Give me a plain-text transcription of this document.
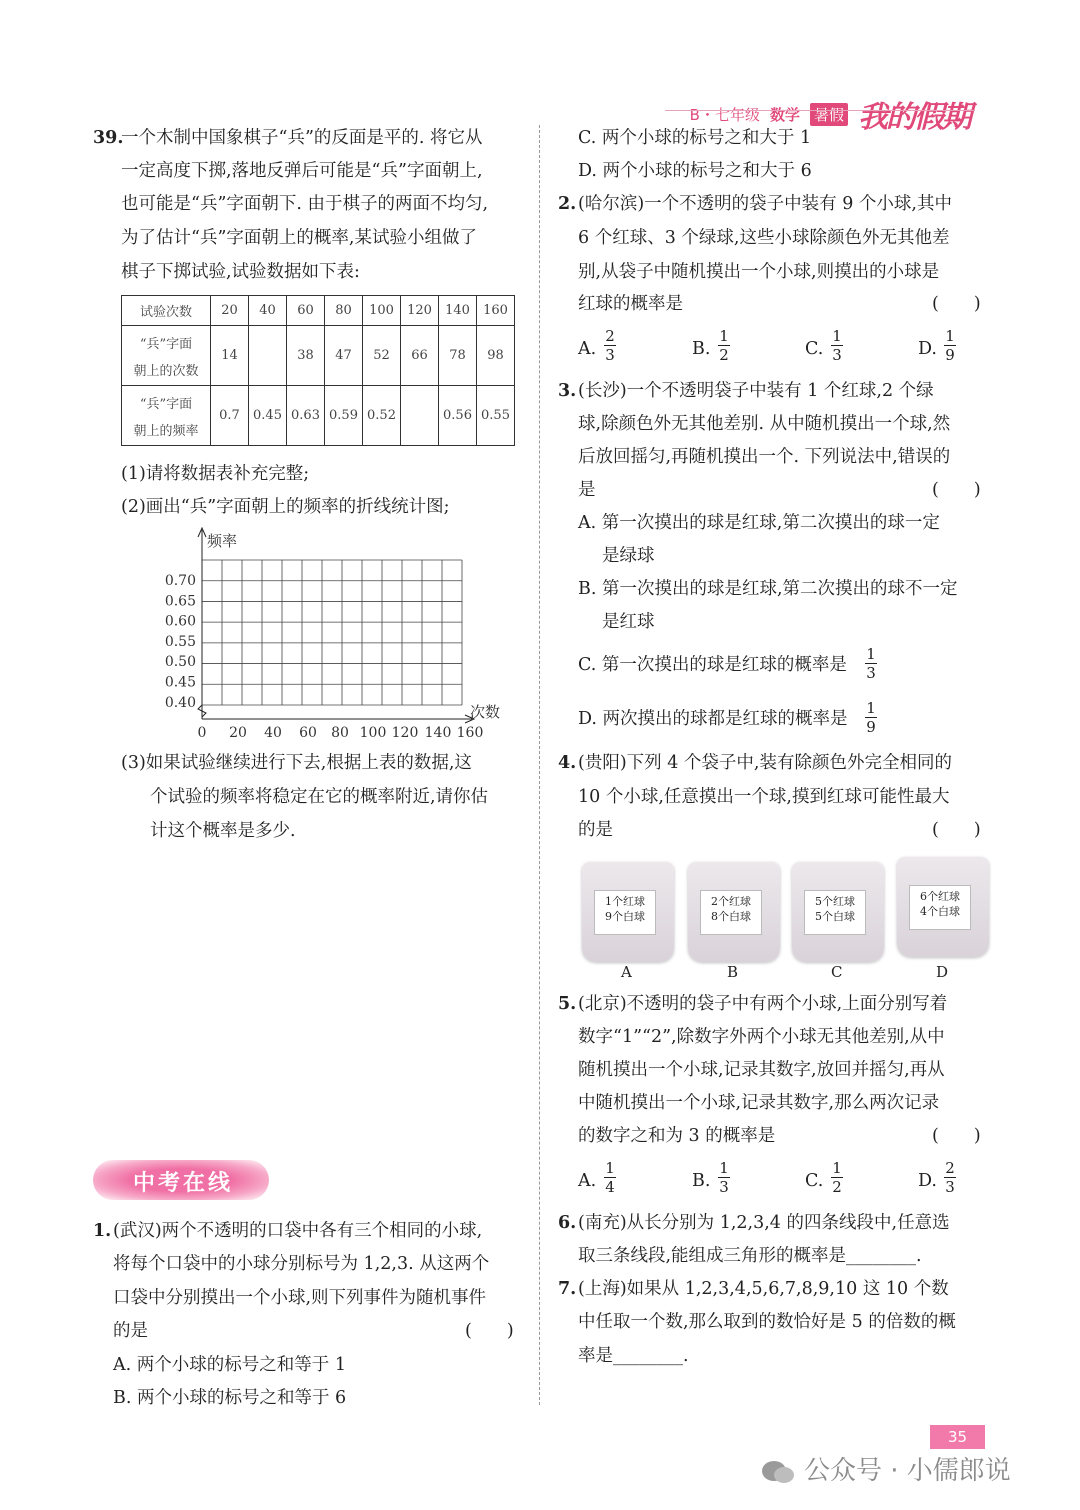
B・七年级 数学 暑假 我的假期
39.
一个木制中国象棋子“兵”的反面是平的. 将它从
一定高度下掷,落地反弹后可能是“兵”字面朝上,
也可能是“兵”字面朝下. 由于棋子的两面不均匀,
为了估计“兵”字面朝上的概率,某试验小组做了
棋子下掷试验,试验数据如下表:
试验次数	20	40	60	80	100	120	140	160

“兵”字面
朝上的次数	14		38	47	52	66	78	98

“兵”字面
朝上的频率	0.7	0.45	0.63	0.59	0.52		0.56	0.55
(1)请将数据表补充完整;
(2)画出“兵”字面朝上的频率的折线统计图;
频率
次数
0.70
0.65
0.60
0.55
0.50
0.45
0.40
0 20 40 60 80 100 120 140 160
(3)如果试验继续进行下去,根据上表的数据,这
个试验的频率将稳定在它的概率附近,请你估
计这个概率是多少.
中考在线
1. (武汉)两个不透明的口袋中各有三个相同的小球,
将每个口袋中的小球分别标号为 1,2,3. 从这两个
口袋中分别摸出一个小球,则下列事件为随机事件
的是	(　　)
A. 两个小球的标号之和等于 1
B. 两个小球的标号之和等于 6
C. 两个小球的标号之和大于 1
D. 两个小球的标号之和大于 6
2. (哈尔滨)一个不透明的袋子中装有 9 个小球,其中
6 个红球、3 个绿球,这些小球除颜色外无其他差
别,从袋子中随机摸出一个小球,则摸出的小球是
红球的概率是	(　　)
A.
2
3	B.
1
2	C.
1
3	D.
1
9
3. (长沙)一个不透明袋子中装有 1 个红球,2 个绿
球,除颜色外无其他差别. 从中随机摸出一个球,然
后放回摇匀,再随机摸出一个. 下列说法中,错误的
是	(　　)
A. 第一次摸出的球是红球,第二次摸出的球一定
是绿球
B. 第一次摸出的球是红球,第二次摸出的球不一定
是红球
C. 第一次摸出的球是红球的概率是
1
3
D. 两次摸出的球都是红球的概率是
1
9
4. (贵阳)下列 4 个袋子中,装有除颜色外完全相同的
10 个小球,任意摸出一个球,摸到红球可能性最大
的是	(　　)
1个红球
9个白球
A
2个红球
8个白球
B
5个红球
5个白球
C
6个红球
4个白球
D
5. (北京)不透明的袋子中有两个小球,上面分别写着
数字“1”“2”,除数字外两个小球无其他差别,从中
随机摸出一个小球,记录其数字,放回并摇匀,再从
中随机摸出一个小球,记录其数字,那么两次记录
的数字之和为 3 的概率是	(　　)
A.
1
4	B.
1
3	C.
1
2	D.
2
3
6. (南充)从长分别为 1,2,3,4 的四条线段中,任意选
取三条线段,能组成三角形的概率是________.
7. (上海)如果从 1,2,3,4,5,6,7,8,9,10 这 10 个数
中任取一个数,那么取到的数恰好是 5 的倍数的概
率是________.
35
公众号 · 小儒郎说
